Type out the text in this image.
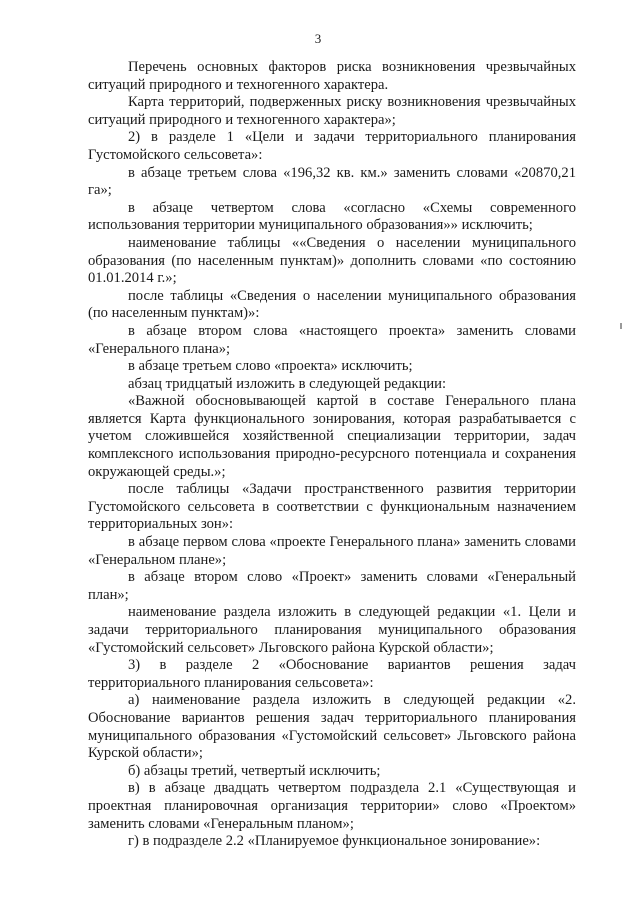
3

Перечень основных факторов риска возникновения чрезвычайных ситуаций природного и техногенного характера.

Карта территорий, подверженных риску возникновения чрезвычайных ситуаций природного и техногенного характера»;

2) в разделе 1 «Цели и задачи территориального планирования Густомойского сельсовета»:

в абзаце третьем слова «196,32 кв. км.» заменить словами «20870,21 га»;

в абзаце четвертом слова «согласно «Схемы современного использования территории муниципального образования»» исключить;

наименование таблицы ««Сведения о населении муниципального образования (по населенным пунктам)» дополнить словами «по состоянию 01.01.2014 г.»;

после таблицы «Сведения о населении муниципального образования (по населенным пунктам)»:

в абзаце втором слова «настоящего проекта» заменить словами «Генерального плана»;

в абзаце третьем слово «проекта» исключить;

абзац тридцатый изложить в следующей редакции:

«Важной обосновывающей картой в составе Генерального плана является Карта функционального зонирования, которая разрабатывается с учетом сложившейся хозяйственной специализации территории, задач комплексного использования природно-ресурсного потенциала и сохранения окружающей среды.»;

после таблицы «Задачи пространственного развития территории Густомойского сельсовета в соответствии с функциональным назначением территориальных зон»:

в абзаце первом слова «проекте Генерального плана» заменить словами «Генеральном плане»;

в абзаце втором слово «Проект» заменить словами «Генеральный план»;

наименование раздела изложить в следующей редакции «1. Цели и задачи территориального планирования муниципального образования «Густомойский сельсовет» Льговского района Курской области»;

3) в разделе 2 «Обоснование вариантов решения задач территориального планирования сельсовета»:

а) наименование раздела изложить в следующей редакции «2. Обоснование вариантов решения задач территориального планирования муниципального образования «Густомойский сельсовет» Льговского района Курской области»;

б) абзацы третий, четвертый исключить;

в) в абзаце двадцать четвертом подраздела 2.1 «Существующая и проектная планировочная организация территории» слово «Проектом» заменить словами «Генеральным планом»;

г) в подразделе 2.2 «Планируемое функциональное зонирование»:
